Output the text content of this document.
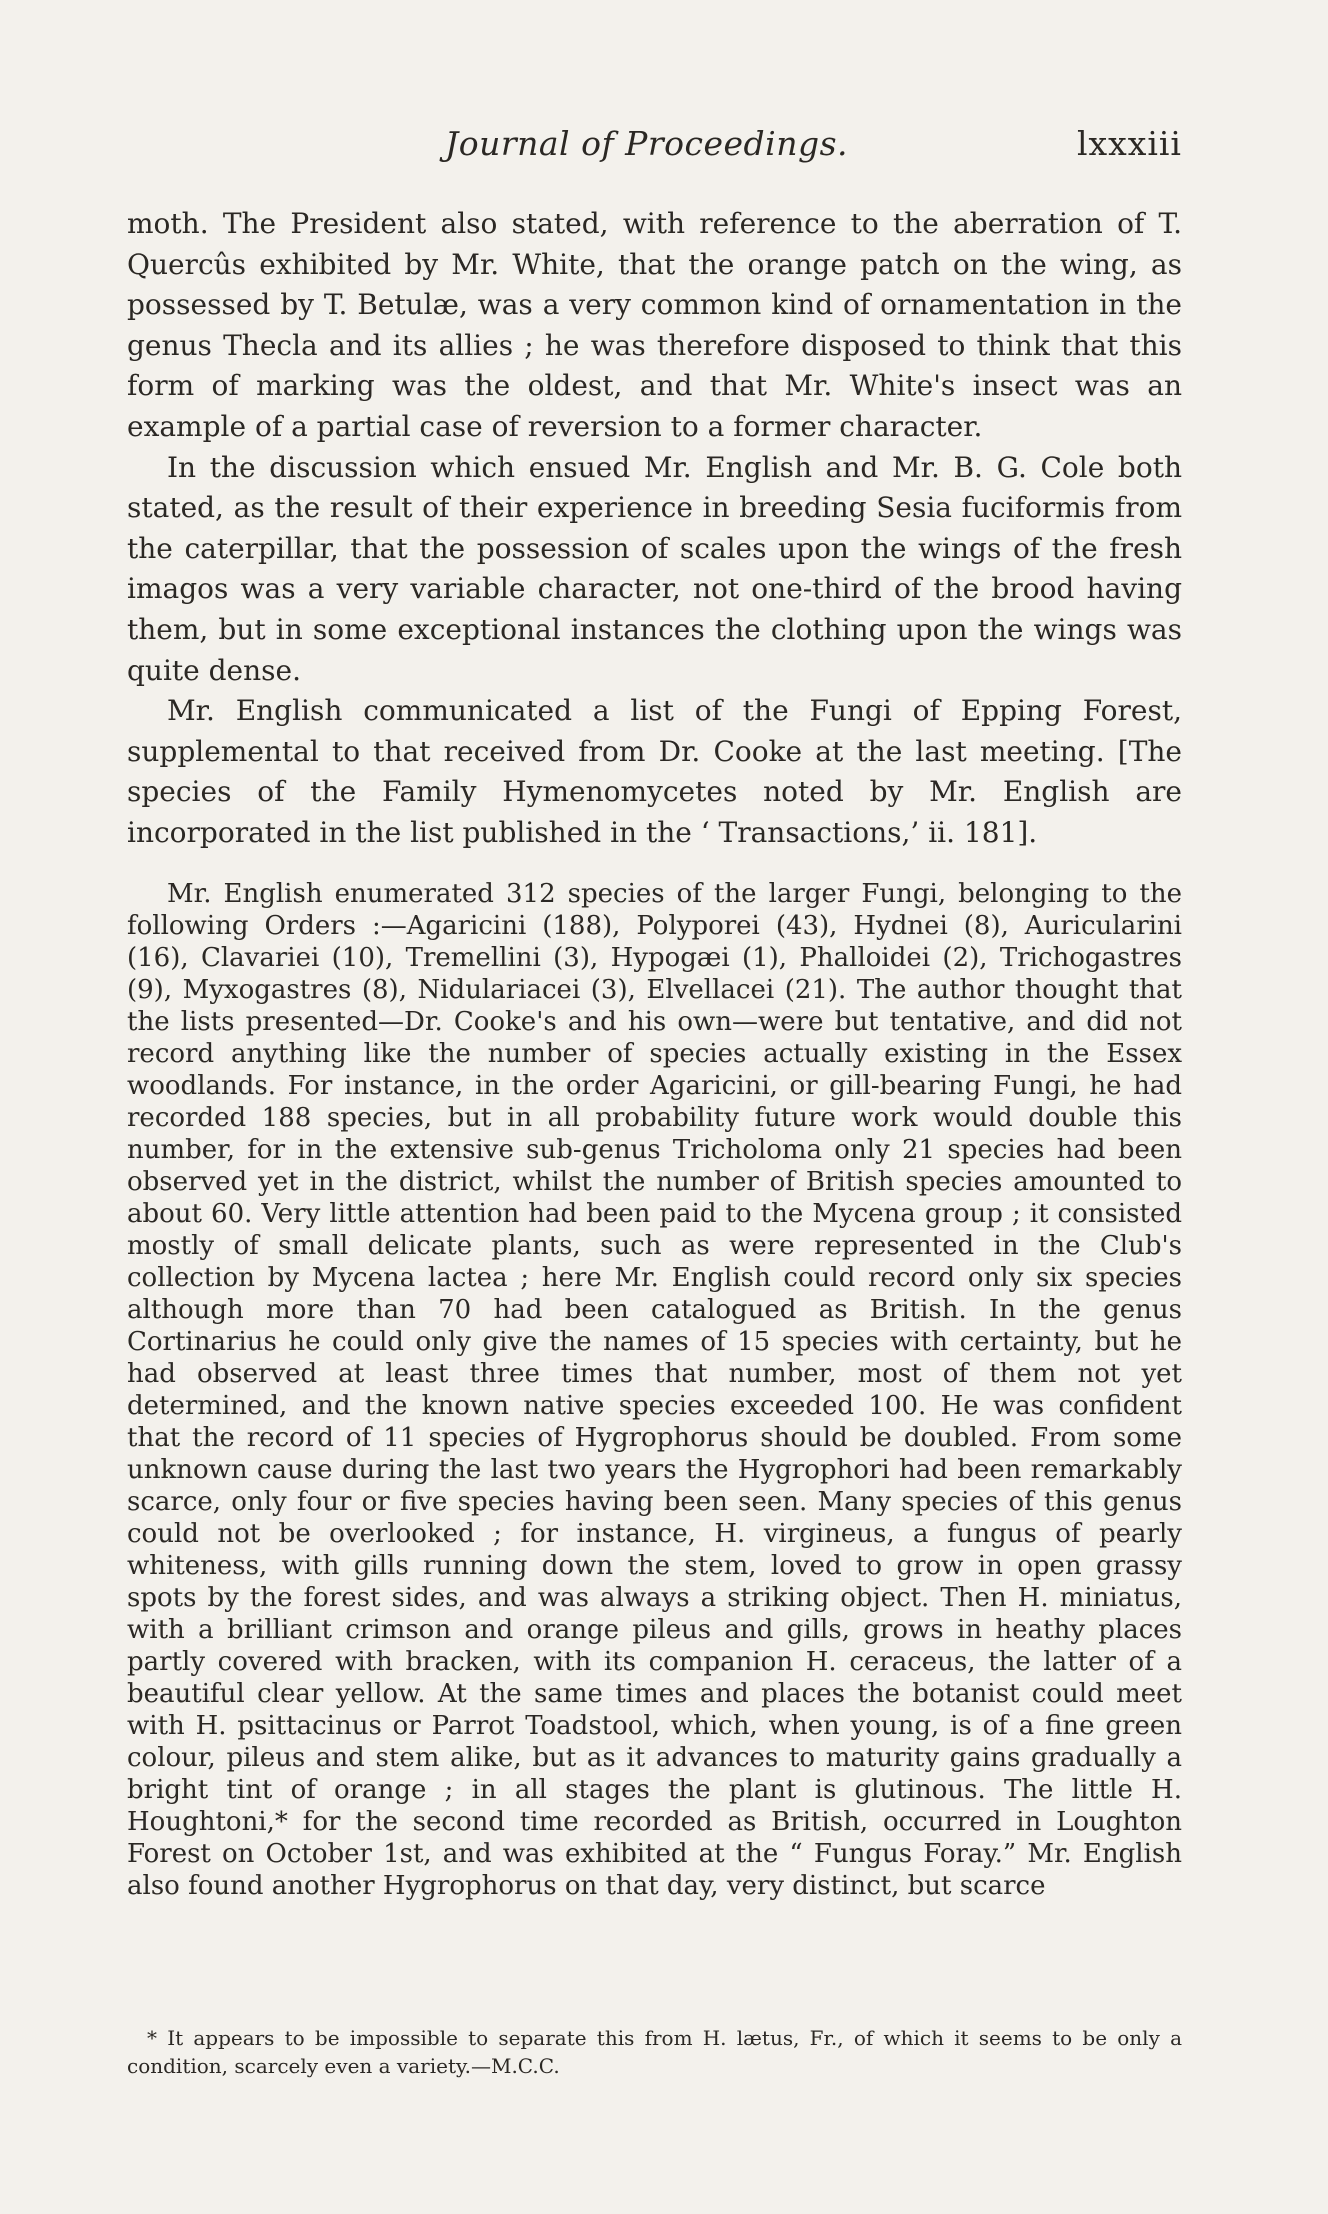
Journal of Proceedings.	lxxxiii

moth. The President also stated, with reference to the aberration of T. Quercûs exhibited by Mr. White, that the orange patch on the wing, as possessed by T. Betulæ, was a very common kind of ornamentation in the genus Thecla and its allies ; he was therefore disposed to think that this form of marking was the oldest, and that Mr. White's insect was an example of a partial case of reversion to a former character.

In the discussion which ensued Mr. English and Mr. B. G. Cole both stated, as the result of their experience in breeding Sesia fuciformis from the caterpillar, that the possession of scales upon the wings of the fresh imagos was a very variable character, not one-third of the brood having them, but in some exceptional instances the clothing upon the wings was quite dense.

Mr. English communicated a list of the Fungi of Epping Forest, supplemental to that received from Dr. Cooke at the last meeting. [The species of the Family Hymenomycetes noted by Mr. English are incorporated in the list published in the ‘ Transactions,’ ii. 181].

Mr. English enumerated 312 species of the larger Fungi, belonging to the following Orders :—Agaricini (188), Polyporei (43), Hydnei (8), Auricularini (16), Clavariei (10), Tremellini (3), Hypogæi (1), Phalloidei (2), Trichogastres (9), Myxogastres (8), Nidulariacei (3), Elvellacei (21). The author thought that the lists presented—Dr. Cooke's and his own—were but tentative, and did not record anything like the number of species actually existing in the Essex woodlands. For instance, in the order Agaricini, or gill-bearing Fungi, he had recorded 188 species, but in all probability future work would double this number, for in the extensive sub-genus Tricholoma only 21 species had been observed yet in the district, whilst the number of British species amounted to about 60. Very little attention had been paid to the Mycena group ; it consisted mostly of small delicate plants, such as were represented in the Club's collection by Mycena lactea ; here Mr. English could record only six species although more than 70 had been catalogued as British. In the genus Cortinarius he could only give the names of 15 species with certainty, but he had observed at least three times that number, most of them not yet determined, and the known native species exceeded 100. He was confident that the record of 11 species of Hygrophorus should be doubled. From some unknown cause during the last two years the Hygrophori had been remarkably scarce, only four or five species having been seen. Many species of this genus could not be overlooked ; for instance, H. virgineus, a fungus of pearly whiteness, with gills running down the stem, loved to grow in open grassy spots by the forest sides, and was always a striking object. Then H. miniatus, with a brilliant crimson and orange pileus and gills, grows in heathy places partly covered with bracken, with its companion H. ceraceus, the latter of a beautiful clear yellow. At the same times and places the botanist could meet with H. psittacinus or Parrot Toadstool, which, when young, is of a fine green colour, pileus and stem alike, but as it advances to maturity gains gradually a bright tint of orange ; in all stages the plant is glutinous. The little H. Houghtoni,* for the second time recorded as British, occurred in Loughton Forest on October 1st, and was exhibited at the “ Fungus Foray.” Mr. English also found another Hygrophorus on that day, very distinct, but scarce

* It appears to be impossible to separate this from H. lætus, Fr., of which it seems to be only a condition, scarcely even a variety.—M.C.C.
